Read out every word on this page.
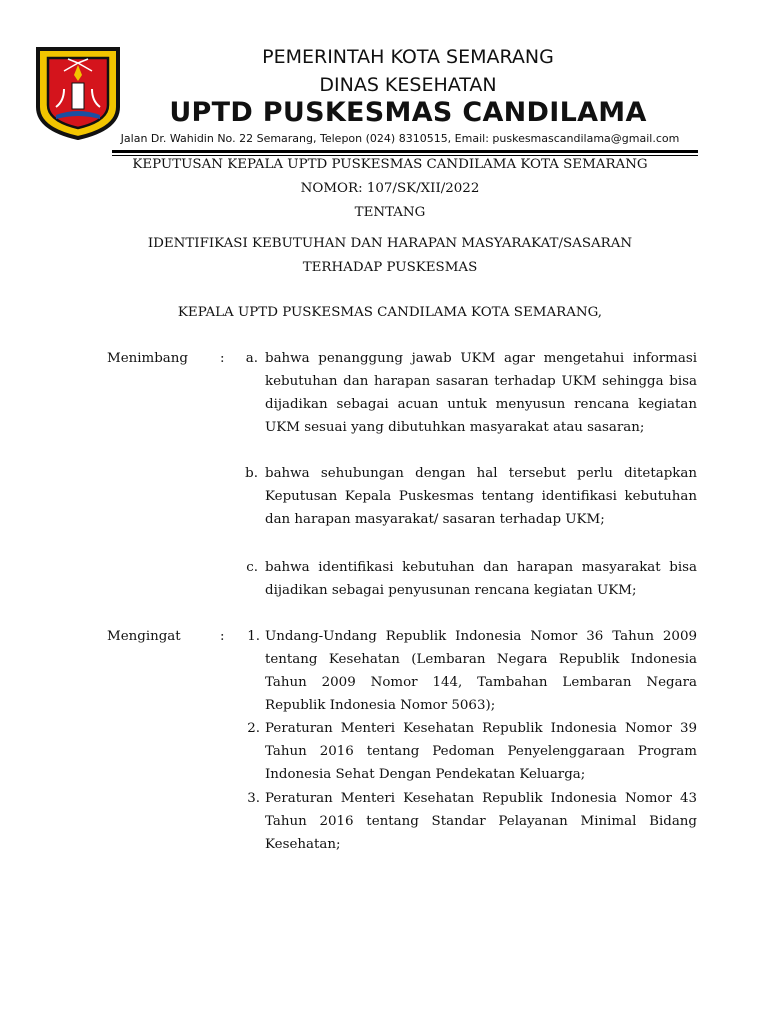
PEMERINTAH KOTA SEMARANG
DINAS KESEHATAN
UPTD PUSKESMAS CANDILAMA
Jalan Dr. Wahidin No. 22 Semarang, Telepon (024) 8310515, Email: puskesmascandilama@gmail.com
KEPUTUSAN KEPALA UPTD PUSKESMAS CANDILAMA KOTA SEMARANG
NOMOR: 107/SK/XII/2022
TENTANG
IDENTIFIKASI KEBUTUHAN DAN HARAPAN MASYARAKAT/SASARAN
TERHADAP PUSKESMAS
KEPALA UPTD PUSKESMAS CANDILAMA KOTA SEMARANG,
Menimbang :	a. bahwa penanggung jawab UKM agar mengetahui informasi kebutuhan dan harapan sasaran terhadap UKM sehingga bisa dijadikan sebagai acuan untuk menyusun rencana kegiatan UKM sesuai yang dibutuhkan masyarakat atau sasaran;
b. bahwa sehubungan dengan hal tersebut perlu ditetapkan Keputusan Kepala Puskesmas tentang identifikasi kebutuhan dan harapan masyarakat/ sasaran terhadap UKM;
c. bahwa identifikasi kebutuhan dan harapan masyarakat bisa dijadikan sebagai penyusunan rencana kegiatan UKM;
Mengingat	:	1. Undang-Undang Republik Indonesia Nomor 36 Tahun 2009 tentang Kesehatan (Lembaran Negara Republik Indonesia Tahun 2009 Nomor 144, Tambahan Lembaran Negara Republik Indonesia Nomor 5063);
2. Peraturan Menteri Kesehatan Republik Indonesia Nomor 39 Tahun 2016 tentang Pedoman Penyelenggaraan Program Indonesia Sehat Dengan Pendekatan Keluarga;
3. Peraturan Menteri Kesehatan Republik Indonesia Nomor 43 Tahun 2016 tentang Standar Pelayanan Minimal Bidang Kesehatan;
